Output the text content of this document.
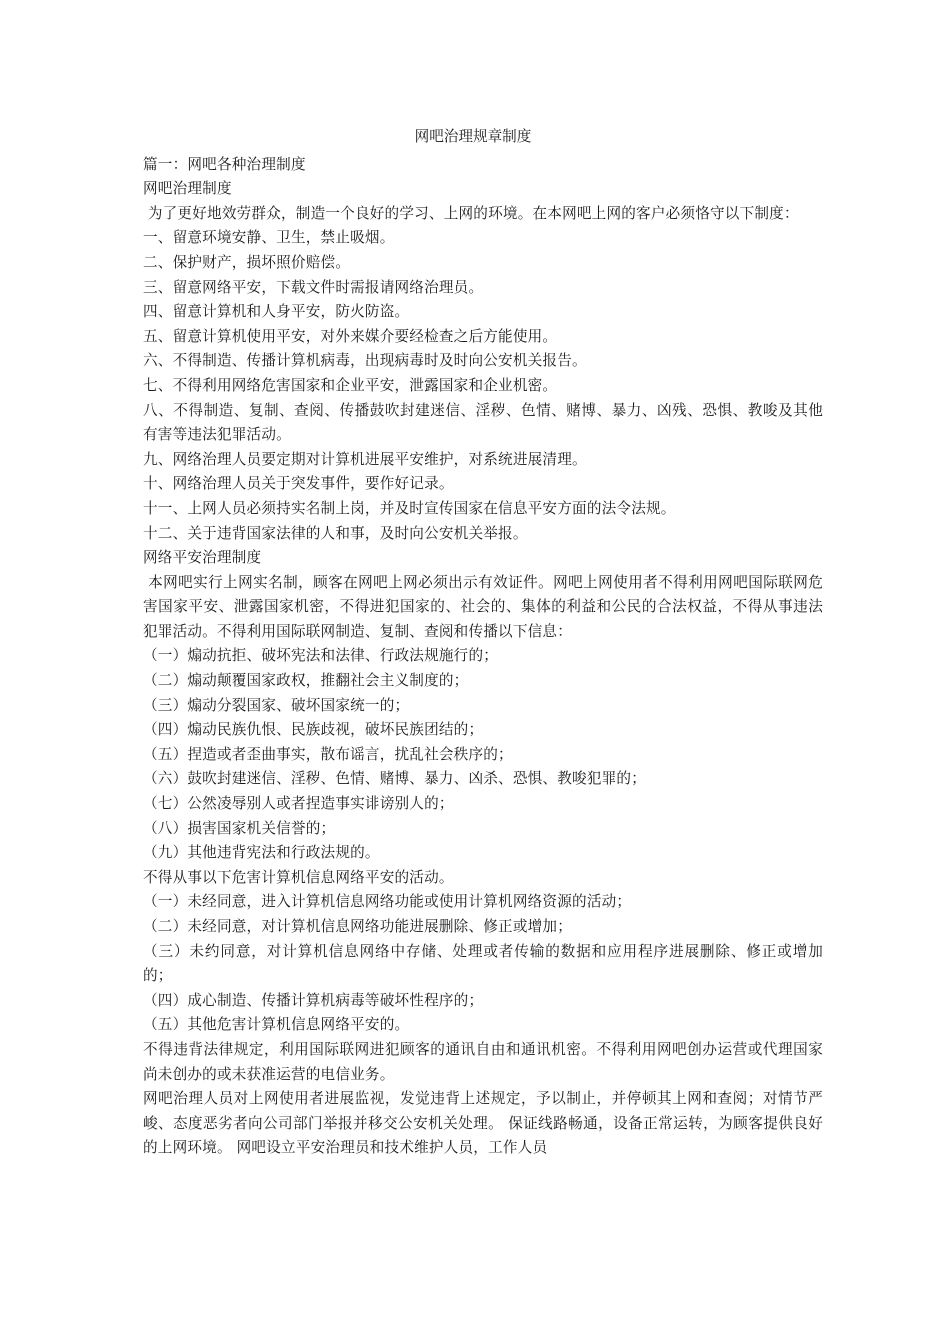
网吧治理规章制度
篇一：网吧各种治理制度
网吧治理制度
为了更好地效劳群众，制造一个良好的学习、上网的环境。在本网吧上网的客户必须恪守以下制度：
一、留意环境安静、卫生，禁止吸烟。
二、保护财产，损坏照价赔偿。
三、留意网络平安，下载文件时需报请网络治理员。
四、留意计算机和人身平安，防火防盗。
五、留意计算机使用平安，对外来媒介要经检查之后方能使用。
六、不得制造、传播计算机病毒，出现病毒时及时向公安机关报告。
七、不得利用网络危害国家和企业平安，泄露国家和企业机密。
八、不得制造、复制、查阅、传播鼓吹封建迷信、淫秽、色情、赌博、暴力、凶残、恐惧、教唆及其他有害等违法犯罪活动。
九、网络治理人员要定期对计算机进展平安维护，对系统进展清理。
十、网络治理人员关于突发事件，要作好记录。
十一、上网人员必须持实名制上岗，并及时宣传国家在信息平安方面的法令法规。
十二、关于违背国家法律的人和事，及时向公安机关举报。
网络平安治理制度
本网吧实行上网实名制，顾客在网吧上网必须出示有效证件。网吧上网使用者不得利用网吧国际联网危害国家平安、泄露国家机密，不得进犯国家的、社会的、集体的利益和公民的合法权益，不得从事违法犯罪活动。不得利用国际联网制造、复制、查阅和传播以下信息：
（一）煽动抗拒、破坏宪法和法律、行政法规施行的；
（二）煽动颠覆国家政权，推翻社会主义制度的；
（三）煽动分裂国家、破坏国家统一的；
（四）煽动民族仇恨、民族歧视，破坏民族团结的；
（五）捏造或者歪曲事实，散布谣言，扰乱社会秩序的；
（六）鼓吹封建迷信、淫秽、色情、赌博、暴力、凶杀、恐惧、教唆犯罪的；
（七）公然凌辱别人或者捏造事实诽谤别人的；
（八）损害国家机关信誉的；
（九）其他违背宪法和行政法规的。
不得从事以下危害计算机信息网络平安的活动。
（一）未经同意，进入计算机信息网络功能或使用计算机网络资源的活动；
（二）未经同意，对计算机信息网络功能进展删除、修正或增加；
（三）未约同意，对计算机信息网络中存储、处理或者传输的数据和应用程序进展删除、修正或增加的；
（四）成心制造、传播计算机病毒等破坏性程序的；
（五）其他危害计算机信息网络平安的。
不得违背法律规定，利用国际联网进犯顾客的通讯自由和通讯机密。不得利用网吧创办运营或代理国家尚未创办的或未获准运营的电信业务。
网吧治理人员对上网使用者进展监视，发觉违背上述规定，予以制止，并停顿其上网和查阅；对情节严峻、态度恶劣者向公司部门举报并移交公安机关处理。 保证线路畅通，设备正常运转，为顾客提供良好的上网环境。 网吧设立平安治理员和技术维护人员，工作人员
